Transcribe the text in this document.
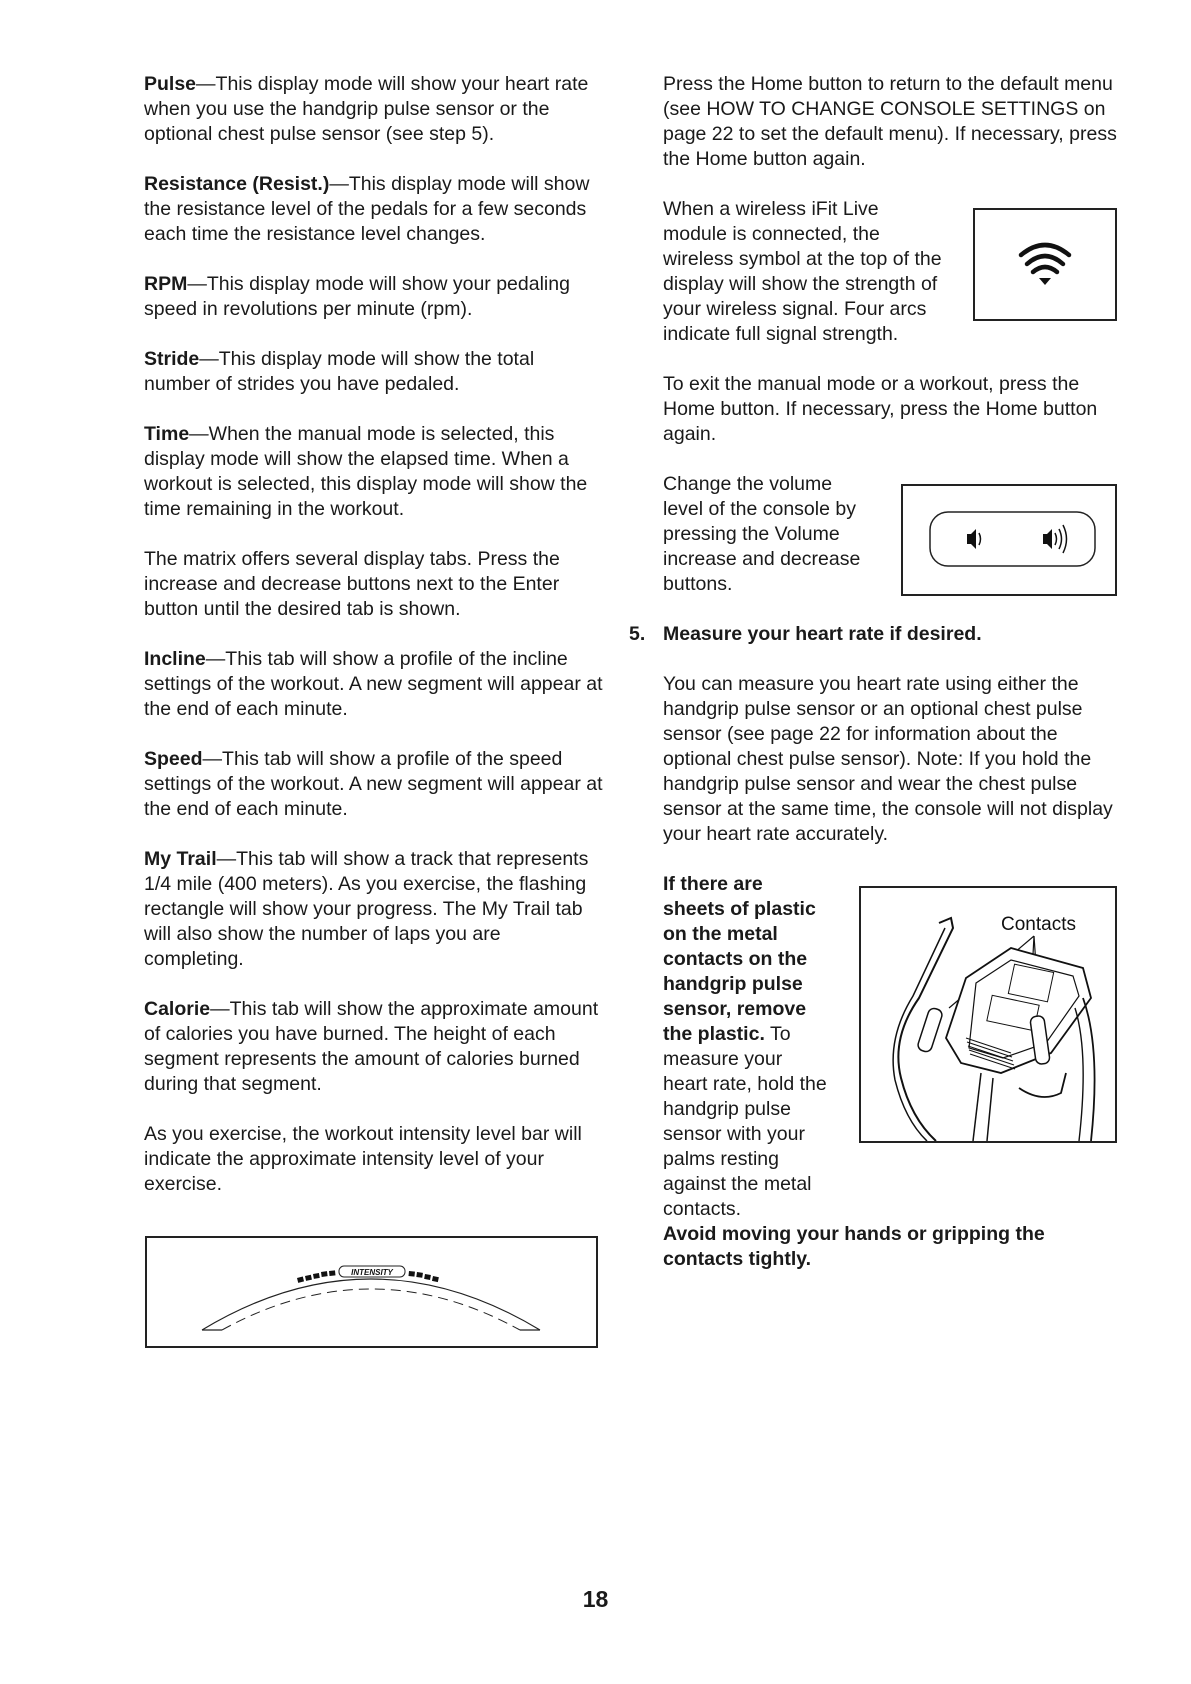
Pulse—This display mode will show your heart rate when you use the handgrip pulse sensor or the optional chest pulse sensor (see step 5).

Resistance (Resist.)—This display mode will show the resistance level of the pedals for a few seconds each time the resistance level changes.

RPM—This display mode will show your pedaling speed in revolutions per minute (rpm).

Stride—This display mode will show the total number of strides you have pedaled.

Time—When the manual mode is selected, this display mode will show the elapsed time. When a workout is selected, this display mode will show the time remaining in the workout.

The matrix offers several display tabs. Press the increase and decrease buttons next to the Enter button until the desired tab is shown.

Incline—This tab will show a profile of the incline settings of the workout. A new segment will appear at the end of each minute.

Speed—This tab will show a profile of the speed settings of the workout. A new segment will appear at the end of each minute.

My Trail—This tab will show a track that represents 1/4 mile (400 meters). As you exercise, the flashing rectangle will show your progress. The My Trail tab will also show the number of laps you are completing.

Calorie—This tab will show the approximate amount of calories you have burned. The height of each segment represents the amount of calories burned during that segment.

As you exercise, the workout intensity level bar will indicate the approximate intensity level of your exercise.

INTENSITY

Press the Home button to return to the default menu (see HOW TO CHANGE CONSOLE SETTINGS on page 22 to set the default menu). If necessary, press the Home button again.

When a wireless iFit Live module is connected, the wireless symbol at the top of the display will show the strength of your wireless signal. Four arcs indicate full signal strength.

To exit the manual mode or a workout, press the Home button. If necessary, press the Home button again.

Change the volume level of the console by pressing the Volume increase and decrease buttons.

5. Measure your heart rate if desired.

You can measure you heart rate using either the handgrip pulse sensor or an optional chest pulse sensor (see page 22 for information about the optional chest pulse sensor). Note: If you hold the handgrip pulse sensor and wear the chest pulse sensor at the same time, the console will not display your heart rate accurately.

If there are sheets of plastic on the metal contacts on the handgrip pulse sensor, remove the plastic. To measure your heart rate, hold the handgrip pulse sensor with your palms resting against the metal contacts.
Avoid moving your hands or gripping the contacts tightly.

Contacts
18
